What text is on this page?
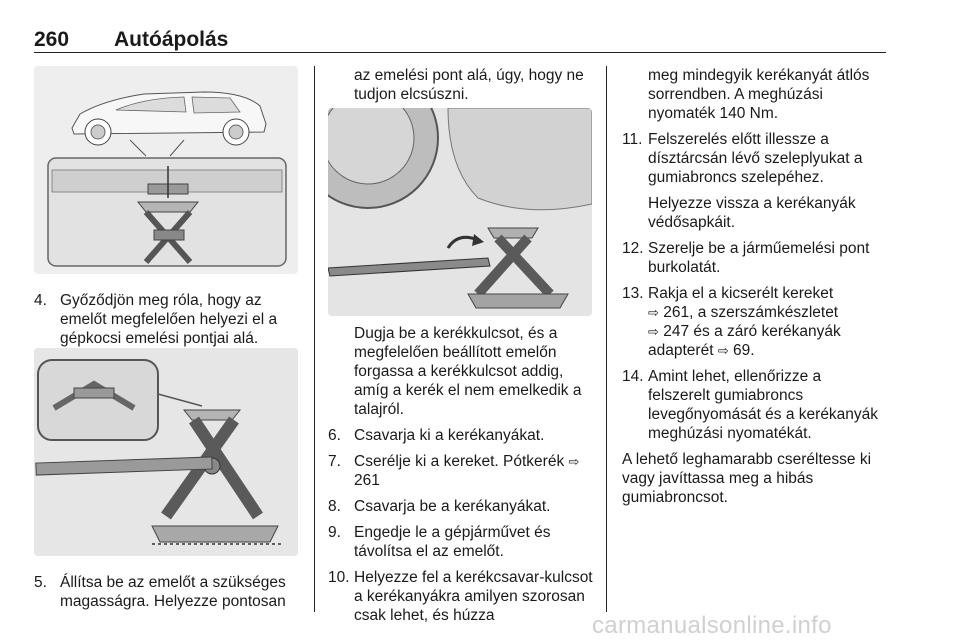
260 Autóápolás
4. Győződjön meg róla, hogy az emelőt megfelelően helyezi el a gépkocsi emelési pontjai alá.
5. Állítsa be az emelőt a szükséges magasságra. Helyezze pontosan
az emelési pont alá, úgy, hogy ne tudjon elcsúszni.
Dugja be a kerékkulcsot, és a megfelelően beállított emelőn forgassa a kerékkulcsot addig, amíg a kerék el nem emelkedik a talajról.
6. Csavarja ki a kerékanyákat.
7. Cserélje ki a kereket. Pótkerék ⇨ 261
8. Csavarja be a kerékanyákat.
9. Engedje le a gépjárművet és távolítsa el az emelőt.
10. Helyezze fel a kerékcsavar-kulcsot a kerékanyákra amilyen szorosan csak lehet, és húzza
meg mindegyik kerékanyát átlós sorrendben. A meghúzási nyomaték 140 Nm.
11. Felszerelés előtt illessze a dísztárcsán lévő szeleplyukat a gumiabroncs szelepéhez.
Helyezze vissza a kerékanyák védősapkáit.
12. Szerelje be a járműemelési pont burkolatát.
13. Rakja el a kicserélt kereket
⇨ 261, a szerszámkészletet
⇨ 247 és a záró kerékanyák adapterét ⇨ 69.
14. Amint lehet, ellenőrizze a felszerelt gumiabroncs levegőnyomását és a kerékanyák meghúzási nyomatékát.
A lehető leghamarabb cseréltesse ki vagy javíttassa meg a hibás gumiabroncsot.
carmanualsonline.info
